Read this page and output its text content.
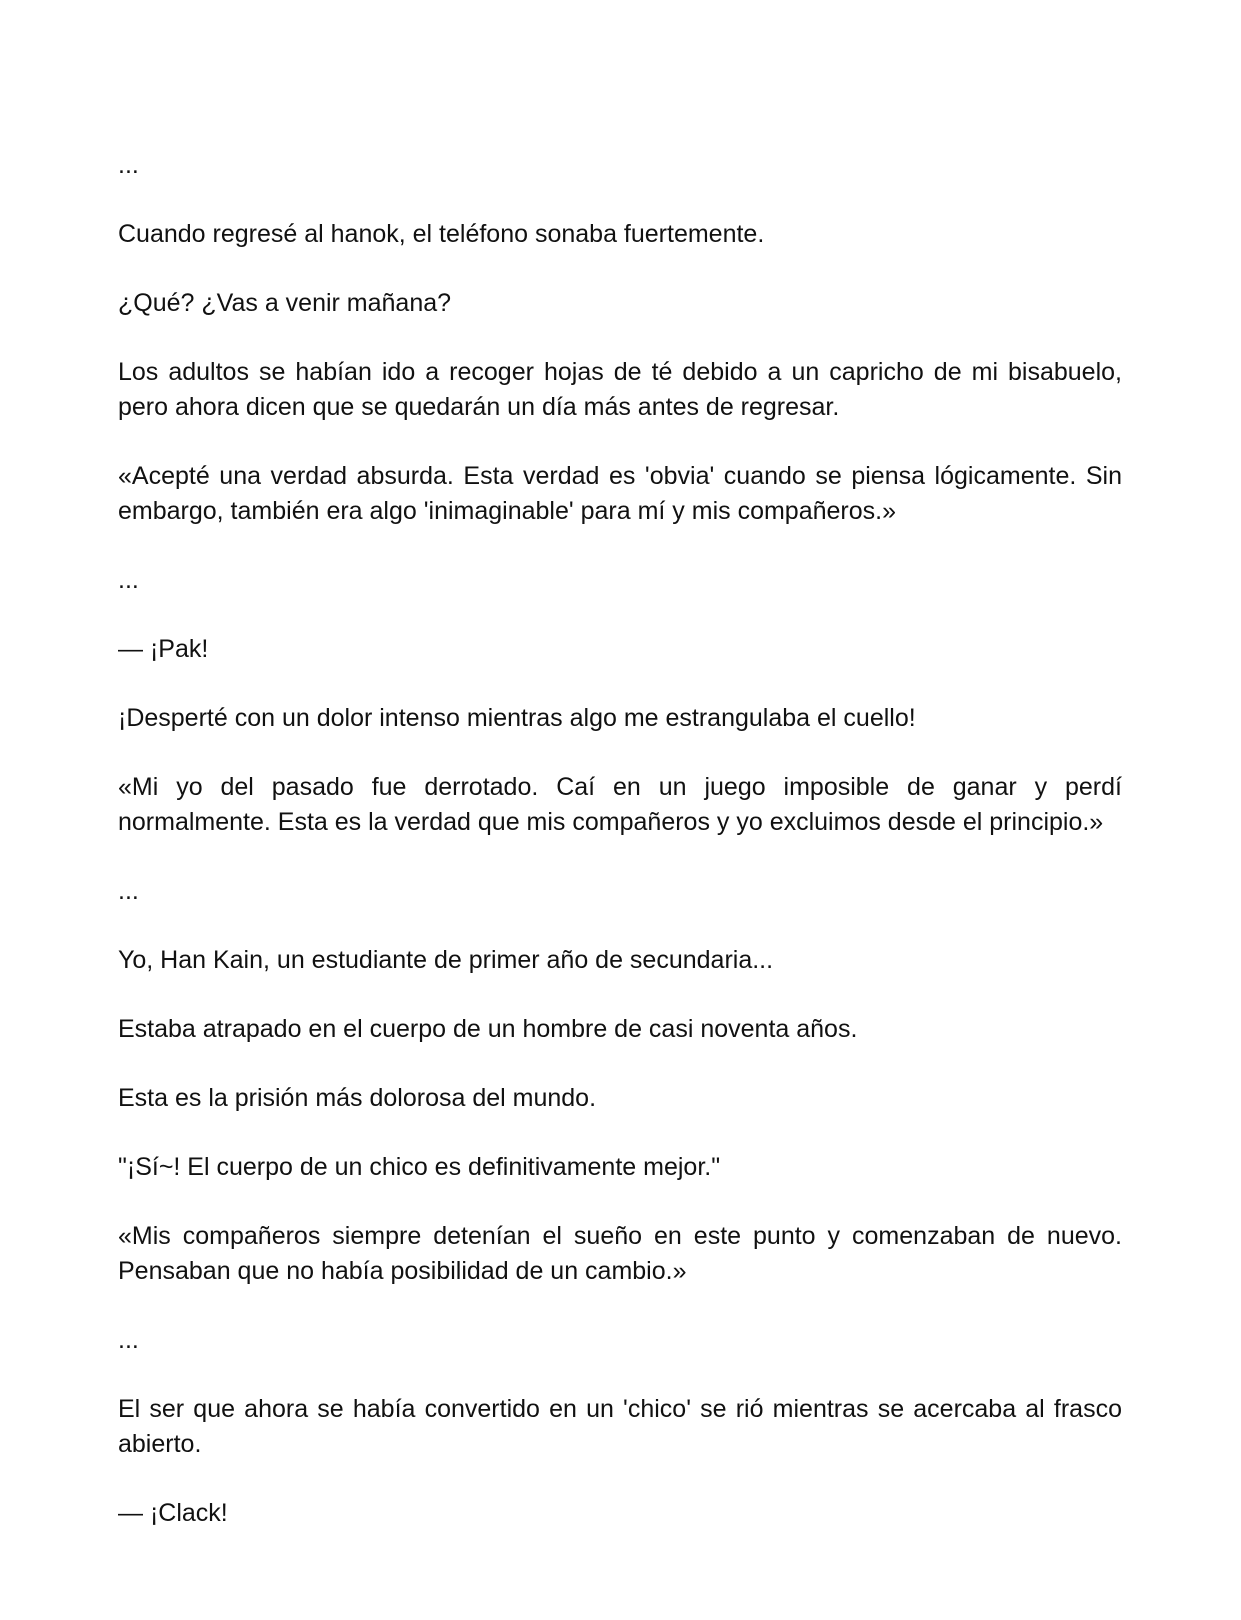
...

Cuando regresé al hanok, el teléfono sonaba fuertemente.

¿Qué? ¿Vas a venir mañana?

Los adultos se habían ido a recoger hojas de té debido a un capricho de mi bisabuelo, pero ahora dicen que se quedarán un día más antes de regresar.

«Acepté una verdad absurda. Esta verdad es 'obvia' cuando se piensa lógicamente. Sin embargo, también era algo 'inimaginable' para mí y mis compañeros.»

...

— ¡Pak!

¡Desperté con un dolor intenso mientras algo me estrangulaba el cuello!

«Mi yo del pasado fue derrotado. Caí en un juego imposible de ganar y perdí normalmente. Esta es la verdad que mis compañeros y yo excluimos desde el principio.»

...

Yo, Han Kain, un estudiante de primer año de secundaria...

Estaba atrapado en el cuerpo de un hombre de casi noventa años.

Esta es la prisión más dolorosa del mundo.

"¡Sí~! El cuerpo de un chico es definitivamente mejor."

«Mis compañeros siempre detenían el sueño en este punto y comenzaban de nuevo. Pensaban que no había posibilidad de un cambio.»

...

El ser que ahora se había convertido en un 'chico' se rió mientras se acercaba al frasco abierto.

— ¡Clack!
